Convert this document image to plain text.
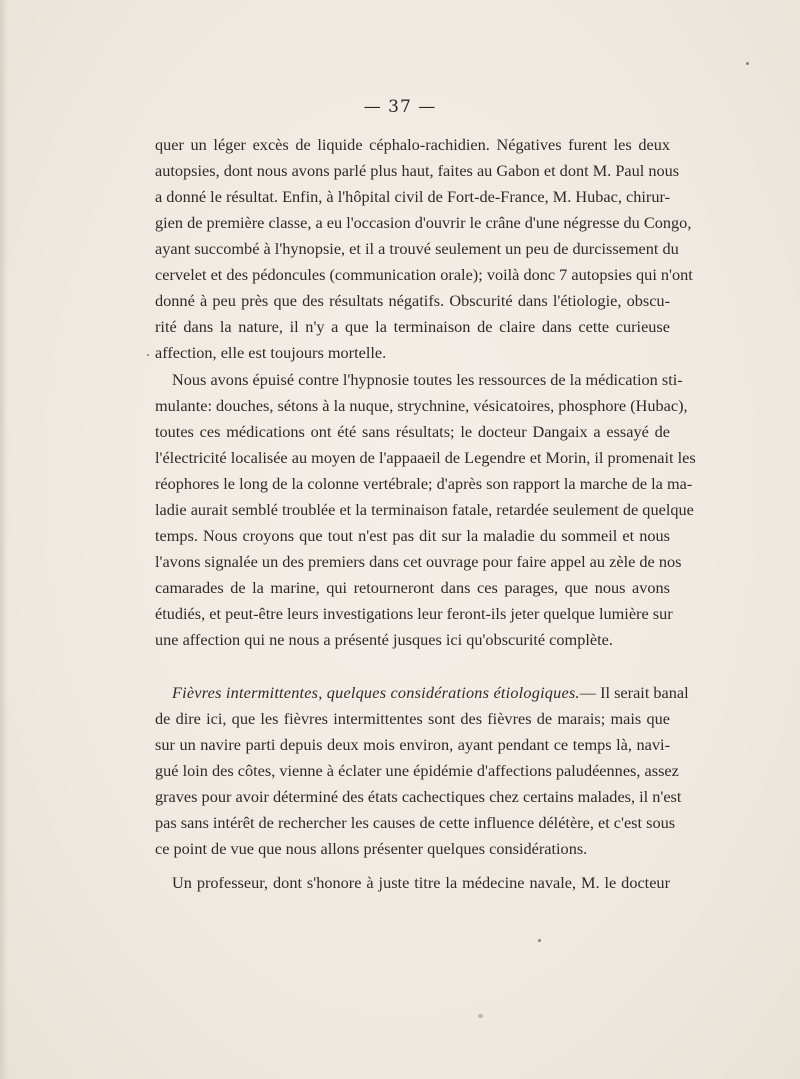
— 37 —
quer un léger excès de liquide céphalo-rachidien. Négatives furent les deux
autopsies, dont nous avons parlé plus haut, faites au Gabon et dont M. Paul nous
a donné le résultat. Enfin, à l'hôpital civil de Fort-de-France, M. Hubac, chirur-
gien de première classe, a eu l'occasion d'ouvrir le crâne d'une négresse du Congo,
ayant succombé à l'hynopsie, et il a trouvé seulement un peu de durcissement du
cervelet et des pédoncules (communication orale); voilà donc 7 autopsies qui n'ont
donné à peu près que des résultats négatifs. Obscurité dans l'étiologie, obscu-
rité dans la nature, il n'y a que la terminaison de claire dans cette curieuse
affection, elle est toujours mortelle.
Nous avons épuisé contre l'hypnosie toutes les ressources de la médication sti-
mulante: douches, sétons à la nuque, strychnine, vésicatoires, phosphore (Hubac),
toutes ces médications ont été sans résultats; le docteur Dangaix a essayé de
l'électricité localisée au moyen de l'appaaeil de Legendre et Morin, il promenait les
réophores le long de la colonne vertébrale; d'après son rapport la marche de la ma-
ladie aurait semblé troublée et la terminaison fatale, retardée seulement de quelque
temps. Nous croyons que tout n'est pas dit sur la maladie du sommeil et nous
l'avons signalée un des premiers dans cet ouvrage pour faire appel au zèle de nos
camarades de la marine, qui retourneront dans ces parages, que nous avons
étudiés, et peut-être leurs investigations leur feront-ils jeter quelque lumière sur
une affection qui ne nous a présenté jusques ici qu'obscurité complète.
Fièvres intermittentes, quelques considérations étiologiques.— Il serait banal
de dire ici, que les fièvres intermittentes sont des fièvres de marais; mais que
sur un navire parti depuis deux mois environ, ayant pendant ce temps là, navi-
gué loin des côtes, vienne à éclater une épidémie d'affections paludéennes, assez
graves pour avoir déterminé des états cachectiques chez certains malades, il n'est
pas sans intérêt de rechercher les causes de cette influence délétère, et c'est sous
ce point de vue que nous allons présenter quelques considérations.
Un professeur, dont s'honore à juste titre la médecine navale, M. le docteur
